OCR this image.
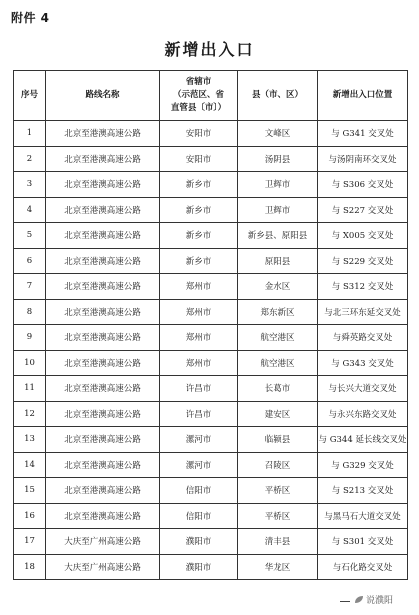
附件 4
新增出入口
序号	路线名称	省辖市
（示范区、省
直管县〔市〕）	县（市、区）	新增出入口位置
1	北京至港澳高速公路	安阳市	文峰区	与 G341 交叉处
2	北京至港澳高速公路	安阳市	汤阴县	与汤阴南环交叉处
3	北京至港澳高速公路	新乡市	卫辉市	与 S306 交叉处
4	北京至港澳高速公路	新乡市	卫辉市	与 S227 交叉处
5	北京至港澳高速公路	新乡市	新乡县、原阳县	与 X005 交叉处
6	北京至港澳高速公路	新乡市	原阳县	与 S229 交叉处
7	北京至港澳高速公路	郑州市	金水区	与 S312 交叉处
8	北京至港澳高速公路	郑州市	郑东新区	与北三环东延交叉处
9	北京至港澳高速公路	郑州市	航空港区	与舜英路交叉处
10	北京至港澳高速公路	郑州市	航空港区	与 G343 交叉处
11	北京至港澳高速公路	许昌市	长葛市	与长兴大道交叉处
12	北京至港澳高速公路	许昌市	建安区	与永兴东路交叉处
13	北京至港澳高速公路	漯河市	临颍县	与 G344 延长线交叉处
14	北京至港澳高速公路	漯河市	召陵区	与 G329 交叉处
15	北京至港澳高速公路	信阳市	平桥区	与 S213 交叉处
16	北京至港澳高速公路	信阳市	平桥区	与黑马石大道交叉处
17	大庆至广州高速公路	濮阳市	清丰县	与 S301 交叉处
18	大庆至广州高速公路	濮阳市	华龙区	与石化路交叉处
说濮阳
